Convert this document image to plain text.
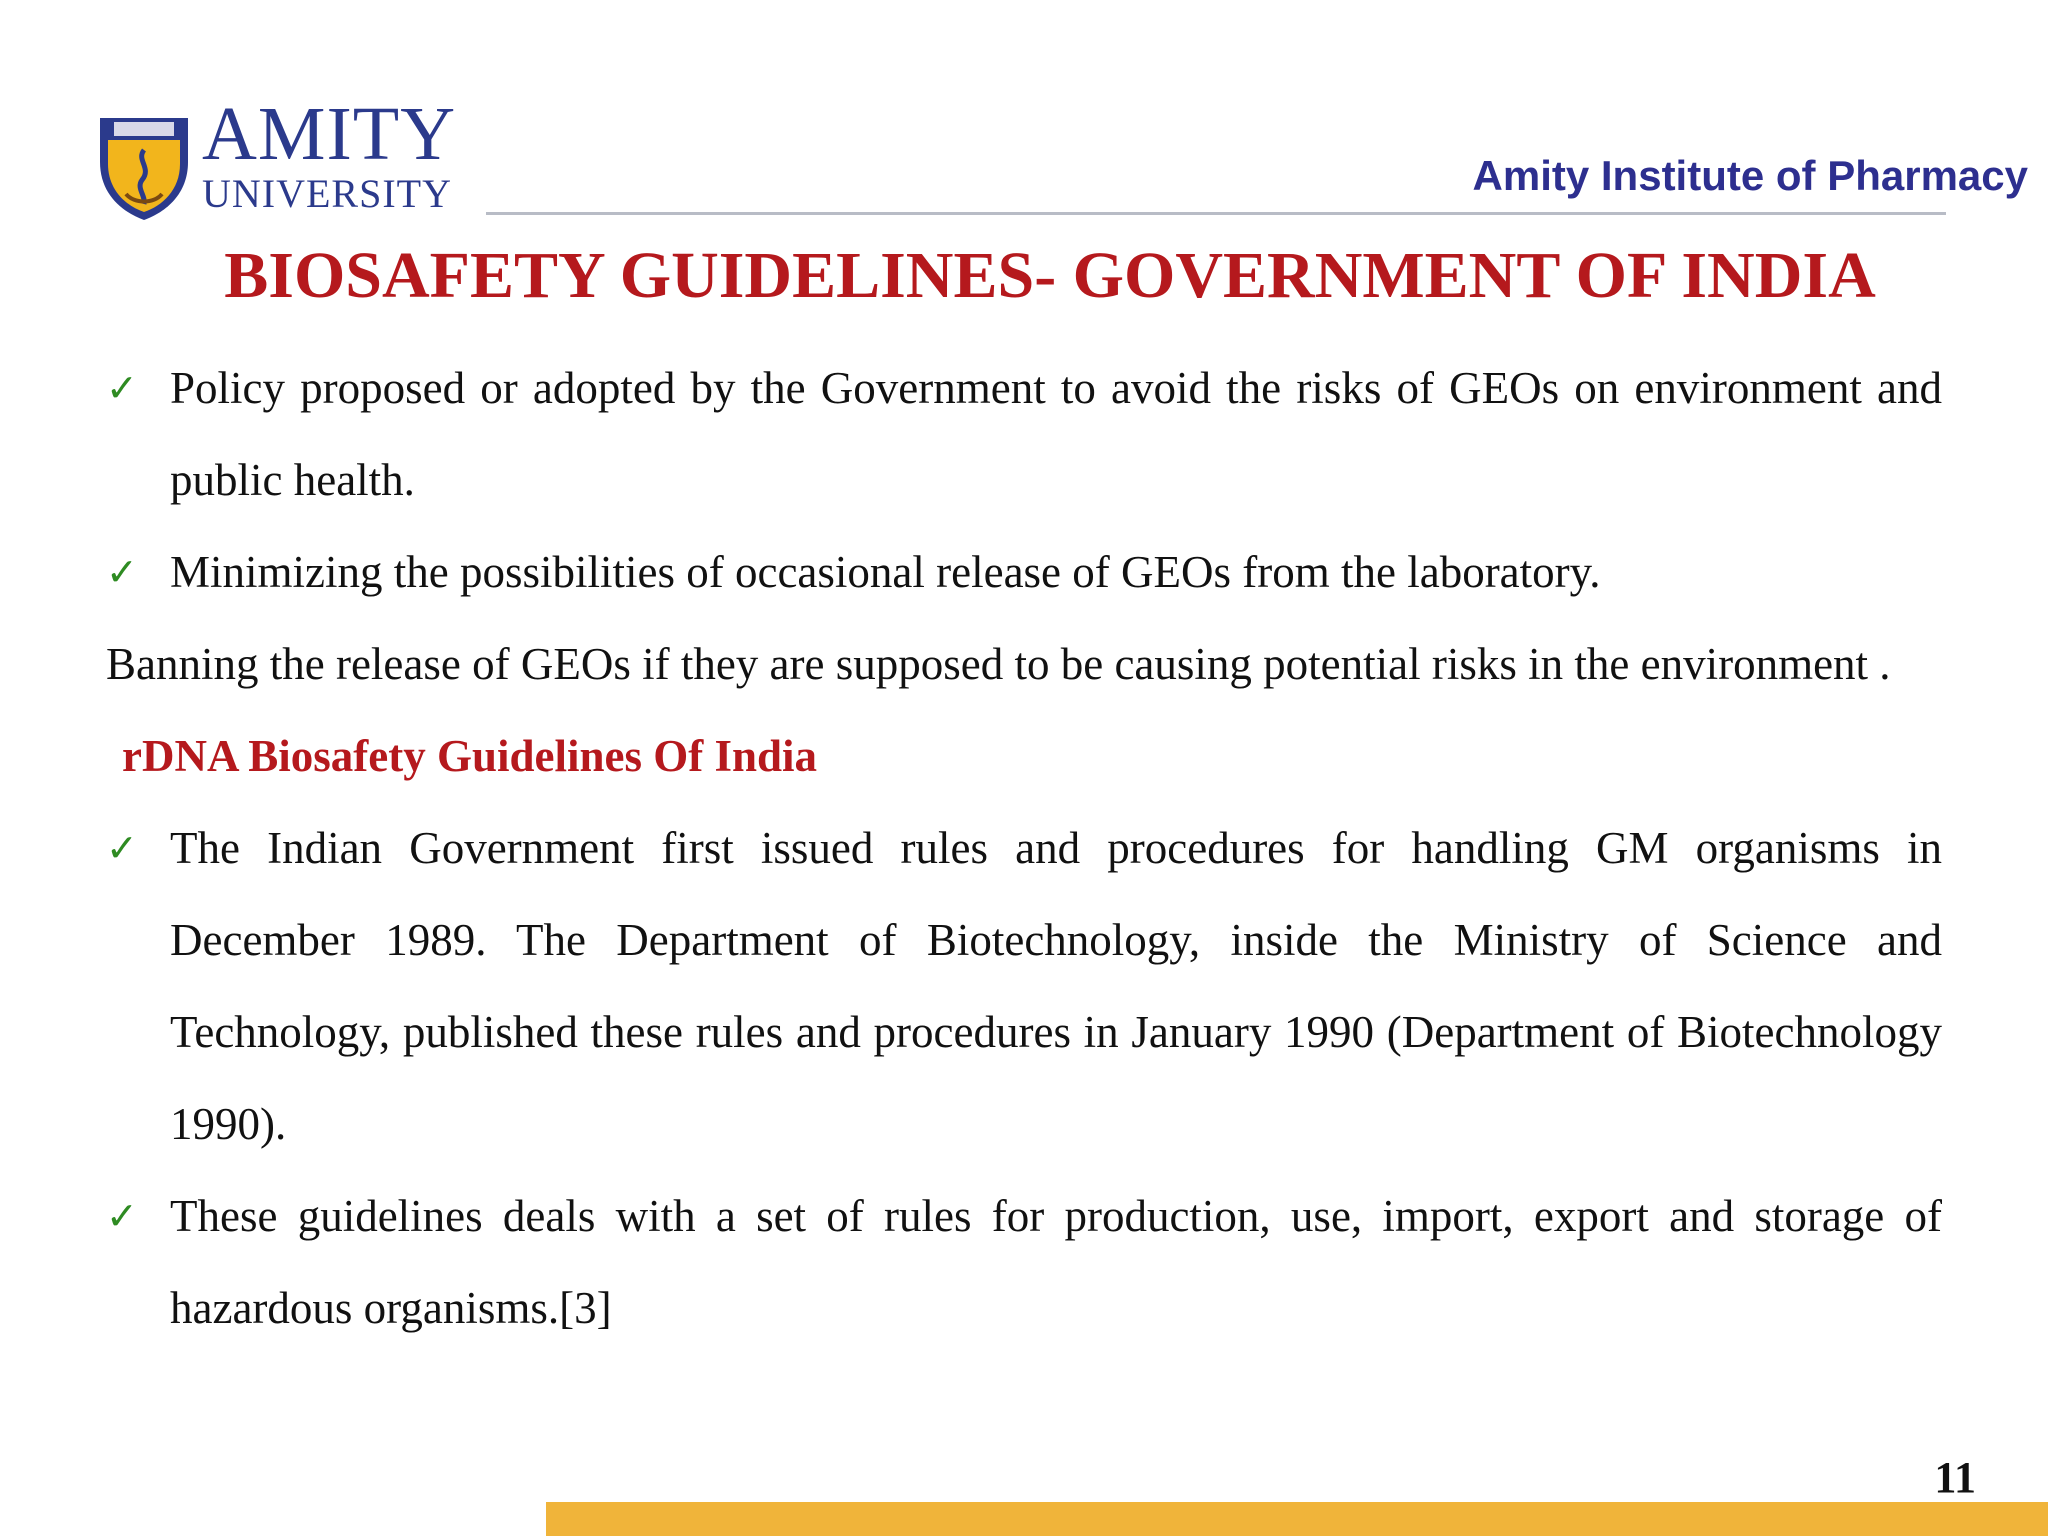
AMITY
UNIVERSITY	Amity Institute of Pharmacy
BIOSAFETY GUIDELINES- GOVERNMENT OF INDIA
✓ Policy proposed or adopted by the Government to avoid the risks of GEOs on environment and public health.
✓ Minimizing the possibilities of occasional release of GEOs from the laboratory.
Banning the release of GEOs if they are supposed to be causing potential risks in the environment .
rDNA Biosafety Guidelines Of India
✓ The Indian Government first issued rules and procedures for handling GM organisms in December 1989. The Department of Biotechnology, inside the Ministry of Science and Technology, published these rules and procedures in January 1990 (Department of Biotechnology 1990).
✓ These guidelines deals with a set of rules for production, use, import, export and storage of hazardous organisms.[3]
11
